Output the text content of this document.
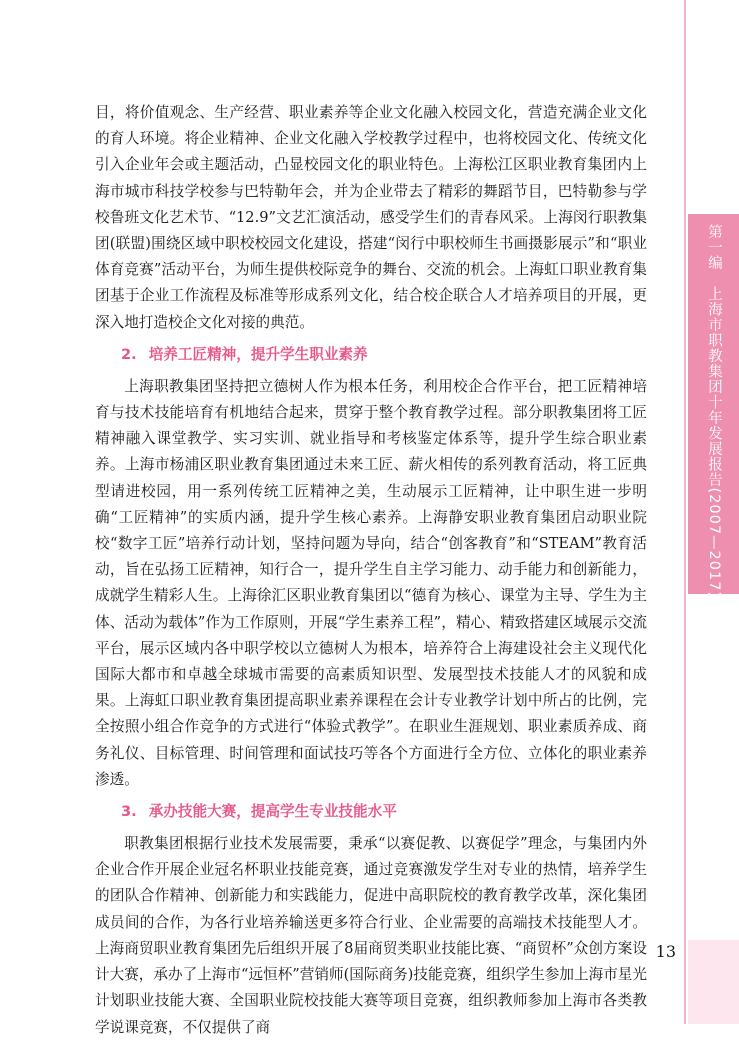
第一编　上海市职教集团十年发展报告(2007—2017)

目，将价值观念、生产经营、职业素养等企业文化融入校园文化，营造充满企业文化的育人环境。将企业精神、企业文化融入学校教学过程中，也将校园文化、传统文化引入企业年会或主题活动，凸显校园文化的职业特色。上海松江区职业教育集团内上海市城市科技学校参与巴特勒年会，并为企业带去了精彩的舞蹈节目，巴特勒参与学校鲁班文化艺术节、“12.9”文艺汇演活动，感受学生们的青春风采。上海闵行职教集团(联盟)围绕区域中职校校园文化建设，搭建“闵行中职校师生书画摄影展示”和“职业体育竞赛”活动平台，为师生提供校际竞争的舞台、交流的机会。上海虹口职业教育集团基于企业工作流程及标准等形成系列文化，结合校企联合人才培养项目的开展，更深入地打造校企文化对接的典范。

2. 培养工匠精神，提升学生职业素养

上海职教集团坚持把立德树人作为根本任务，利用校企合作平台，把工匠精神培育与技术技能培育有机地结合起来，贯穿于整个教育教学过程。部分职教集团将工匠精神融入课堂教学、实习实训、就业指导和考核鉴定体系等，提升学生综合职业素养。上海市杨浦区职业教育集团通过未来工匠、薪火相传的系列教育活动，将工匠典型请进校园，用一系列传统工匠精神之美，生动展示工匠精神，让中职生进一步明确“工匠精神”的实质内涵，提升学生核心素养。上海静安职业教育集团启动职业院校“数字工匠”培养行动计划，坚持问题为导向，结合“创客教育”和“STEAM”教育活动，旨在弘扬工匠精神，知行合一，提升学生自主学习能力、动手能力和创新能力，成就学生精彩人生。上海徐汇区职业教育集团以“德育为核心、课堂为主导、学生为主体、活动为载体”作为工作原则，开展“学生素养工程”，精心、精致搭建区域展示交流平台，展示区域内各中职学校以立德树人为根本，培养符合上海建设社会主义现代化国际大都市和卓越全球城市需要的高素质知识型、发展型技术技能人才的风貌和成果。上海虹口职业教育集团提高职业素养课程在会计专业教学计划中所占的比例，完全按照小组合作竞争的方式进行“体验式教学”。在职业生涯规划、职业素质养成、商务礼仪、目标管理、时间管理和面试技巧等各个方面进行全方位、立体化的职业素养渗透。

3. 承办技能大赛，提高学生专业技能水平

职教集团根据行业技术发展需要，秉承“以赛促教、以赛促学”理念，与集团内外企业合作开展企业冠名杯职业技能竞赛，通过竞赛激发学生对专业的热情，培养学生的团队合作精神、创新能力和实践能力，促进中高职院校的教育教学改革，深化集团成员间的合作，为各行业培养输送更多符合行业、企业需要的高端技术技能型人才。上海商贸职业教育集团先后组织开展了8届商贸类职业技能比赛、“商贸杯”众创方案设计大赛，承办了上海市“远恒杯”营销师(国际商务)技能竞赛，组织学生参加上海市星光计划职业技能大赛、全国职业院校技能大赛等项目竞赛，组织教师参加上海市各类教学说课竞赛，不仅提供了商

13
